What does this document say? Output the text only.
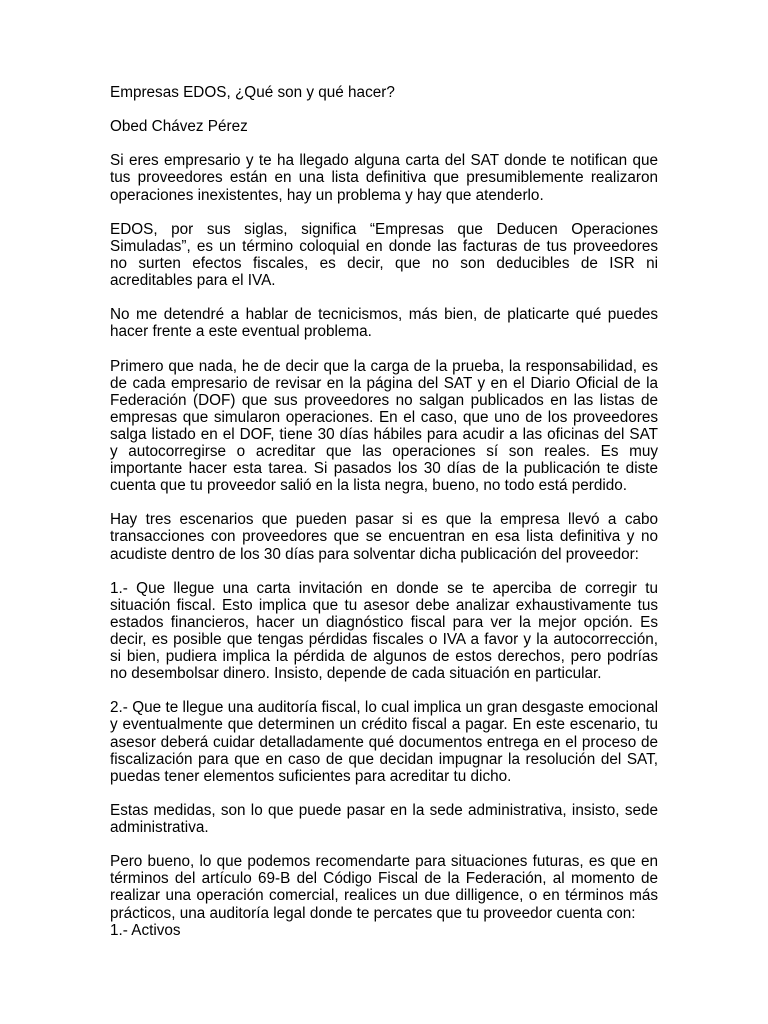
Empresas EDOS, ¿Qué son y qué hacer?

Obed Chávez Pérez

Si eres empresario y te ha llegado alguna carta del SAT donde te notifican que tus proveedores están en una lista definitiva que presumiblemente realizaron operaciones inexistentes, hay un problema y hay que atenderlo.

EDOS, por sus siglas, significa “Empresas que Deducen Operaciones Simuladas”, es un término coloquial en donde las facturas de tus proveedores no surten efectos fiscales, es decir, que no son deducibles de ISR ni acreditables para el IVA.

No me detendré a hablar de tecnicismos, más bien, de platicarte qué puedes hacer frente a este eventual problema.

Primero que nada, he de decir que la carga de la prueba, la responsabilidad, es de cada empresario de revisar en la página del SAT y en el Diario Oficial de la Federación (DOF) que sus proveedores no salgan publicados en las listas de empresas que simularon operaciones. En el caso, que uno de los proveedores salga listado en el DOF, tiene 30 días hábiles para acudir a las oficinas del SAT y autocorregirse o acreditar que las operaciones sí son reales. Es muy importante hacer esta tarea. Si pasados los 30 días de la publicación te diste cuenta que tu proveedor salió en la lista negra, bueno, no todo está perdido.

Hay tres escenarios que pueden pasar si es que la empresa llevó a cabo transacciones con proveedores que se encuentran en esa lista definitiva y no acudiste dentro de los 30 días para solventar dicha publicación del proveedor:

1.- Que llegue una carta invitación en donde se te aperciba de corregir tu situación fiscal. Esto implica que tu asesor debe analizar exhaustivamente tus estados financieros, hacer un diagnóstico fiscal para ver la mejor opción. Es decir, es posible que tengas pérdidas fiscales o IVA a favor y la autocorrección, si bien, pudiera implica la pérdida de algunos de estos derechos, pero podrías no desembolsar dinero. Insisto, depende de cada situación en particular.

2.- Que te llegue una auditoría fiscal, lo cual implica un gran desgaste emocional y eventualmente que determinen un crédito fiscal a pagar. En este escenario, tu asesor deberá cuidar detalladamente qué documentos entrega en el proceso de fiscalización para que en caso de que decidan impugnar la resolución del SAT, puedas tener elementos suficientes para acreditar tu dicho.

Estas medidas, son lo que puede pasar en la sede administrativa, insisto, sede administrativa.

Pero bueno, lo que podemos recomendarte para situaciones futuras, es que en términos del artículo 69-B del Código Fiscal de la Federación, al momento de realizar una operación comercial, realices un due dilligence, o en términos más prácticos, una auditoría legal donde te percates que tu proveedor cuenta con:

1.- Activos
